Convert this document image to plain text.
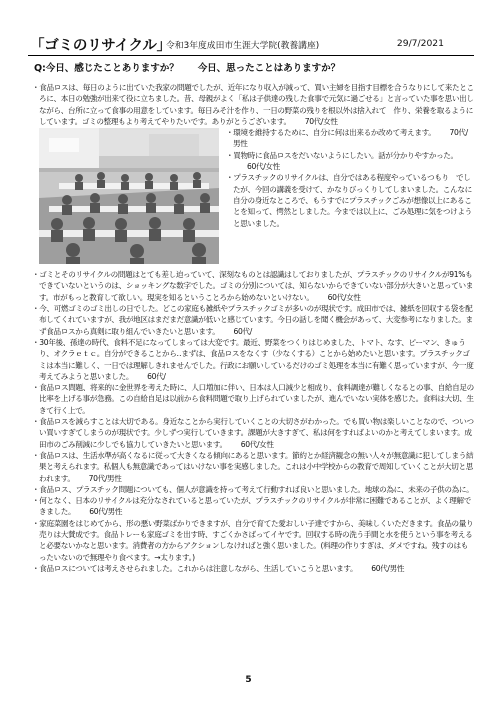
「ゴミのリサイクル」
令和3年度成田市生涯大学院(教養講座)	29/7/2021
Q:今日、感じたことありますか？　　今日、思ったことはありますか？

・食品ロスは、毎日のように出ていた我家の問題でしたが、近年になり収入が減って、買い主婦を目指す目標を合うなりにして来たところに、本日の勉強が出来て役に立ちました。昔、母親がよく「私は子供達の残した食事で元気に過ごせる」と言っていた事を思い出しながら、台所に立って食事の用意をしています。毎日みそ汁を作り、一日の野菜の残りを根以外は捨入れて　作り、栄養を取るようにしています。ゴミの整理もより考えてやりたいです。ありがとうございます。 70代/女性

・環境を維持するために、自分に何は出来るか改めて考えます。 70代/男性

・買物時に食品ロスをだいないようにしたい。話が分かりやすかった。60代/女性

・プラスチックのリサイクルは、自分ではある程度やっているつもり　でしたが、今回の講義を受けて、かなりびっくりしてしまいました。こんなに自分の身近なところで、もうすでにプラスチックごみが想像以上にあることを知って、愕然としました。今までは以上に、ごみ処理に気をつけようと思いました。

・ゴミとそのリサイクルの問題はとても差し迫っていて、深刻なものとは認識はしておりましたが、プラスチックのリサイクルが91%もできていないというのは、ショッキングな数字でした。ゴミの分別については、知らないからできていない部分が大きいと思っています。市がもっと教育して欲しい。現実を知るということろから始めないといけない。 60代/女性

・今、可燃ゴミのゴミ出しの日でした。どこの家庭も雑紙やプラスチックゴミが多いのが現状です。成田市では、雑紙を回収する袋を配布してくれていますが、我が地区はまだまだ意識が低いと感じています。今日の話しを聞く機会があって、大変参考になりました。まず食品ロスから真剣に取り組んでいきたいと思います。 60代/

・30年後、孫達の時代、食料不足になってしまっては大変です。最近、野菜をつくりはじめました、トマト、なす、ピーマン、きゅうり、オクラｅｔｃ。自分ができることから‥まずは、食品ロスをなくす（少なくする）ことから始めたいと思います。プラスチックゴミは本当に難しく、一日では理解しきれませんでした。行政にお願いしているだけのゴミ処理を本当に有難く思っていますが、今一度考えてみようと思いました。 60代/

・食品ロス問題、将来的に金世界を考えた時に、人口増加に伴い、日本は人口減少と相成り、食料調達が難しくなるとの事、自給自足の比率を上げる事が急務。この自給自足は以前から食料問題で取り上げられていましたが、進んでいない実体を感じた。食料は大切、生きて行く上で。

・食品ロスを減らすことは大切である。身近なことから実行していくことの大切さがわかった。でも買い物は楽しいことなので、ついつい買いすぎてしまうのが現状です。少しずつ実行していきます。課題が大きすぎて、私は何をすればよいのかと考えてしまいます。成田市のごみ削減に少しでも協力していきたいと思います。 60代/女性

・食品ロスは、生活水準が高くなるに従って大きくなる傾向にあると思います。節約とか経済観念の無い人々が無意識に犯してしまう結果と考えられます。私個人も無意識であってはいけない事を実感しました。これは小中学校からの教育で周知していくことが大切と思われます。 70代/男性

・食品ロス、プラスチック問題についても、個人が意識を持って考えて行動すれば良いと思いました。地球の為に、未来の子供の為に。

・何となく、日本のリサイクルは充分なされていると思っていたが、プラスチックのリサイクルが非常に困難であることが、よく理解できました。 60代/男性

・家庭菜園をはじめてから、形の悪い野菜ばかりできますが、自分で育てた愛おしい子達ですから、美味しくいただきます。食品の量り売りは大賛成です。食品トレーも家庭ゴミを出す時、すごくかさばってイヤです。回収する時の洗う手間と水を使うという事を考えると必要ないかなと思います。消費者の方からアクションしなければと強く思いました。(料理の作りすぎは、ダメですね。残すのはもったいないので無理やり食べます。→太ります。)

・食品ロスについては考えさせられました。これからは注意しながら、生活していこうと思います。 60代/男性

5
